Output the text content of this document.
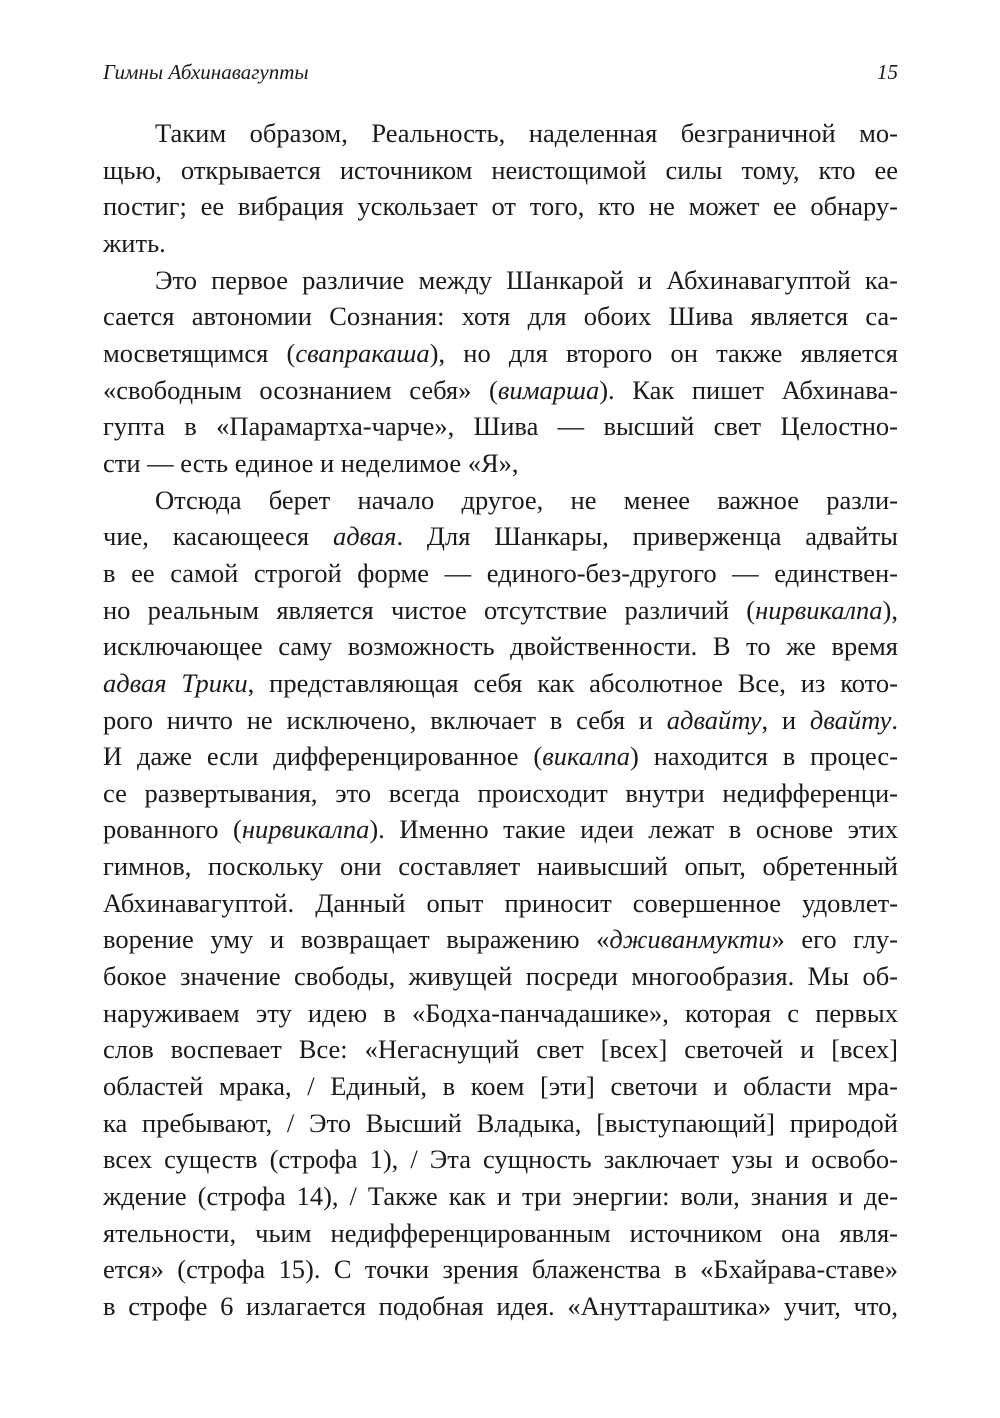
Гимны Абхинавагупты	15
Таким образом, Реальность, наделенная безграничной мо-
щью, открывается источником неистощимой силы тому, кто ее
постиг; ее вибрация ускользает от того, кто не может ее обнару-
жить.
Это первое различие между Шанкарой и Абхинавагуптой ка-
сается автономии Сознания: хотя для обоих Шива является са-
мосветящимся (свапракаша), но для второго он также является
«свободным осознанием себя» (вимарша). Как пишет Абхинава-
гупта в «Парамартха-чарче», Шива — высший свет Целостно-
сти — есть единое и неделимое «Я»,
Отсюда берет начало другое, не менее важное разли-
чие, касающееся адвая. Для Шанкары, приверженца адвайты
в ее самой строгой форме — единого-без-другого — единствен-
но реальным является чистое отсутствие различий (нирвикалпа),
исключающее саму возможность двойственности. В то же время
адвая Трики, представляющая себя как абсолютное Все, из кото-
рого ничто не исключено, включает в себя и адвайту, и двайту.
И даже если дифференцированное (викалпа) находится в процес-
се развертывания, это всегда происходит внутри недифференци-
рованного (нирвикалпа). Именно такие идеи лежат в основе этих
гимнов, поскольку они составляет наивысший опыт, обретенный
Абхинавагуптой. Данный опыт приносит совершенное удовлет-
ворение уму и возвращает выражению «дживанмукти» его глу-
бокое значение свободы, живущей посреди многообразия. Мы об-
наруживаем эту идею в «Бодха-панчадашике», которая с первых
слов воспевает Все: «Негаснущий свет [всех] светочей и [всех]
областей мрака, / Единый, в коем [эти] светочи и области мра-
ка пребывают, / Это Высший Владыка, [выступающий] природой
всех существ (строфа 1), / Эта сущность заключает узы и освобо-
ждение (строфа 14), / Также как и три энергии: воли, знания и де-
ятельности, чьим недифференцированным источником она явля-
ется» (строфа 15). С точки зрения блаженства в «Бхайрава-ставе»
в строфе 6 излагается подобная идея. «Ануттараштика» учит, что,
